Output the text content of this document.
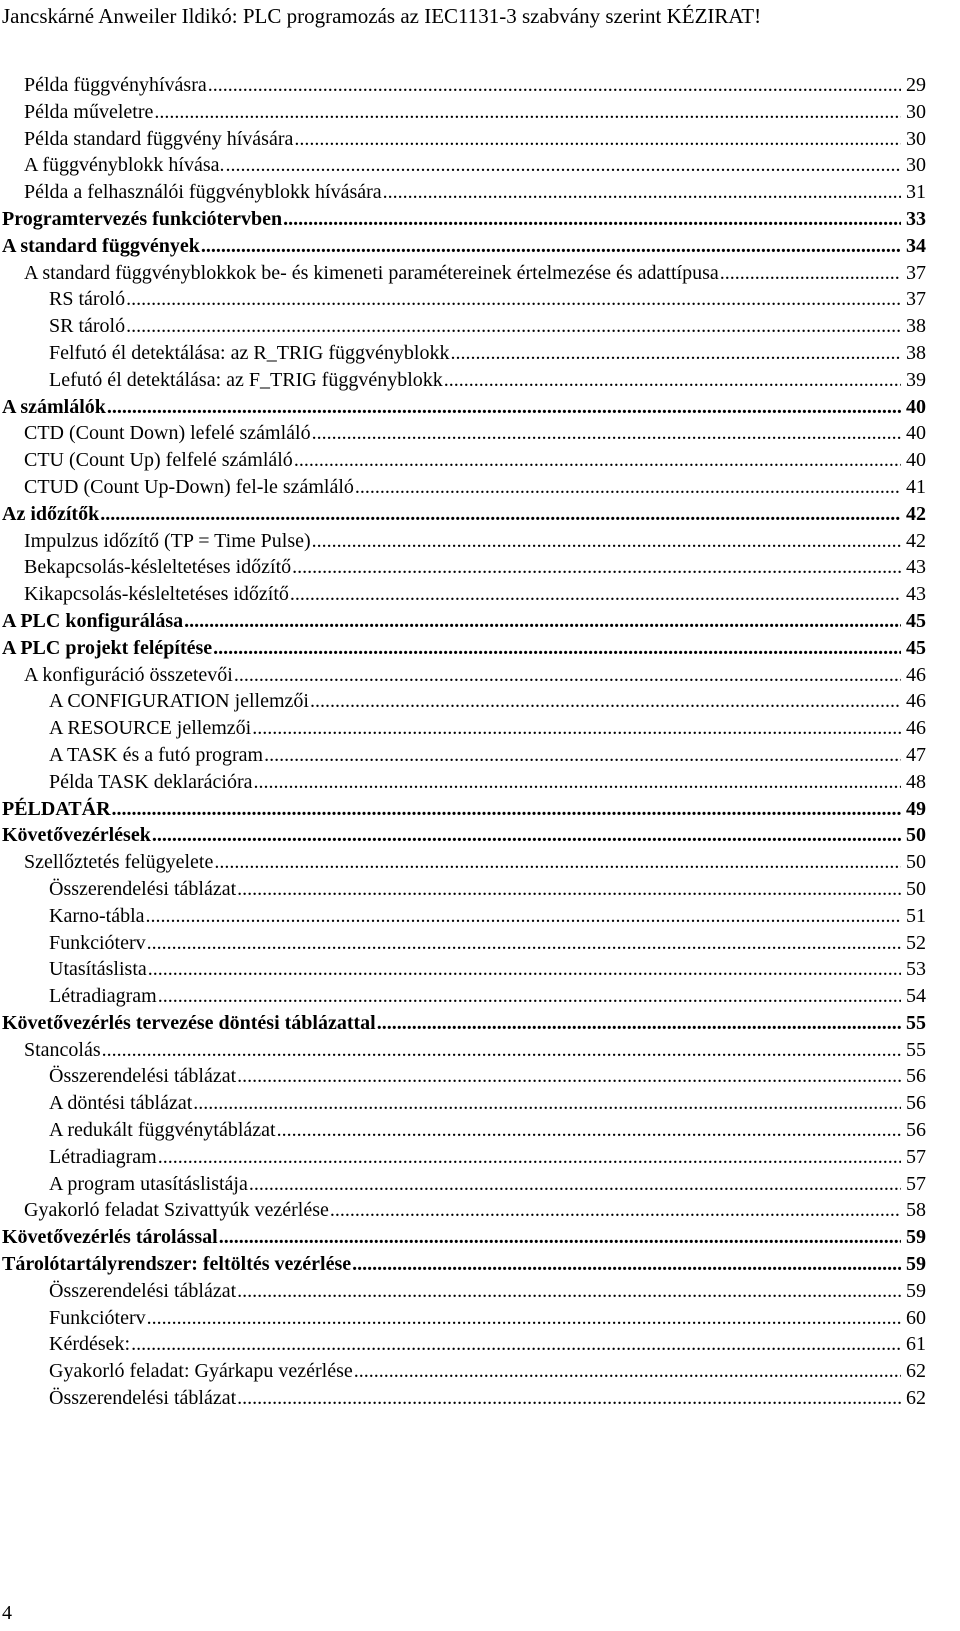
Jancskárné Anweiler Ildikó: PLC programozás az IEC1131-3 szabvány szerint KÉZIRAT!
Példa függvényhívásra .....	29
Példa műveletre .....	30
Példa standard függvény hívására .....	30
A függvényblokk hívása. .....	30
Példa a felhasználói függvényblokk hívására .....	31
Programtervezés funkciótervben .....	33
A standard függvények .....	34
A standard függvényblokkok be- és kimeneti paramétereinek értelmezése és adattípusa .....	37
RS tároló .....	37
SR tároló .....	38
Felfutó él detektálása: az R_TRIG függvényblokk .....	38
Lefutó él detektálása: az F_TRIG függvényblokk .....	39
A számlálók .....	40
CTD (Count Down) lefelé számláló .....	40
CTU (Count Up) felfelé számláló .....	40
CTUD (Count Up-Down) fel-le számláló .....	41
Az időzítők .....	42
Impulzus időzítő (TP = Time Pulse) .....	42
Bekapcsolás-késleltetéses időzítő .....	43
Kikapcsolás-késleltetéses időzítő .....	43
A PLC konfigurálása .....	45
A PLC projekt felépítése .....	45
A konfiguráció összetevői .....	46
A CONFIGURATION jellemzői .....	46
A RESOURCE jellemzői .....	46
A TASK és a futó program .....	47
Példa TASK deklarációra .....	48
PÉLDATÁR .....	49
Követővezérlések .....	50
Szellőztetés felügyelete .....	50
Összerendelési táblázat .....	50
Karno-tábla .....	51
Funkcióterv .....	52
Utasításlista .....	53
Létradiagram .....	54
Követővezérlés tervezése döntési táblázattal .....	55
Stancolás .....	55
Összerendelési táblázat .....	56
A döntési táblázat .....	56
A redukált függvénytáblázat .....	56
Létradiagram .....	57
A program utasításlistája .....	57
Gyakorló feladat Szivattyúk vezérlése .....	58
Követővezérlés tárolással .....	59
Tárolótartályrendszer: feltöltés vezérlése .....	59
Összerendelési táblázat .....	59
Funkcióterv .....	60
Kérdések: .....	61
Gyakorló feladat: Gyárkapu vezérlése .....	62
Összerendelési táblázat .....	62
4
